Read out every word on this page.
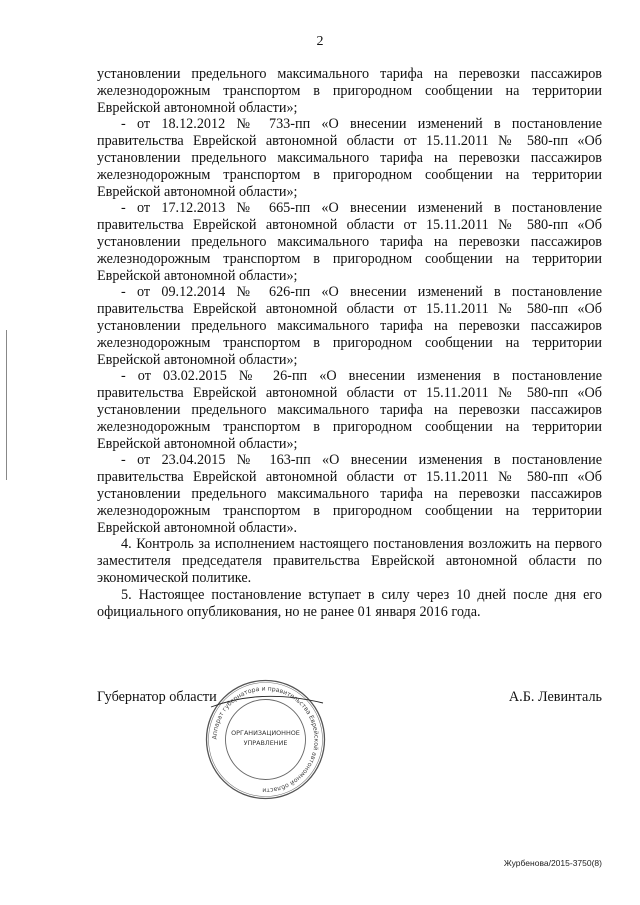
2

установлении предельного максимального тарифа на перевозки пассажиров железнодорожным транспортом в пригородном сообщении на территории Еврейской автономной области»;

- от 18.12.2012 № 733-пп «О внесении изменений в постановление правительства Еврейской автономной области от 15.11.2011 № 580-пп «Об установлении предельного максимального тарифа на перевозки пассажиров железнодорожным транспортом в пригородном сообщении на территории Еврейской автономной области»;

- от 17.12.2013 № 665-пп «О внесении изменений в постановление правительства Еврейской автономной области от 15.11.2011 № 580-пп «Об установлении предельного максимального тарифа на перевозки пассажиров железнодорожным транспортом в пригородном сообщении на территории Еврейской автономной области»;

- от 09.12.2014 № 626-пп «О внесении изменений в постановление правительства Еврейской автономной области от 15.11.2011 № 580-пп «Об установлении предельного максимального тарифа на перевозки пассажиров железнодорожным транспортом в пригородном сообщении на территории Еврейской автономной области»;

- от 03.02.2015 № 26-пп «О внесении изменения в постановление правительства Еврейской автономной области от 15.11.2011 № 580-пп «Об установлении предельного максимального тарифа на перевозки пассажиров железнодорожным транспортом в пригородном сообщении на территории Еврейской автономной области»;

- от 23.04.2015 № 163-пп «О внесении изменения в постановление правительства Еврейской автономной области от 15.11.2011 № 580-пп «Об установлении предельного максимального тарифа на перевозки пассажиров железнодорожным транспортом в пригородном сообщении на территории Еврейской автономной области».

4. Контроль за исполнением настоящего постановления возложить на первого заместителя председателя правительства Еврейской автономной области по экономической политике.

5. Настоящее постановление вступает в силу через 10 дней после дня его официального опубликования, но не ранее 01 января 2016 года.

Губернатор области	А.Б. Левинталь
Аппарат губернатора и правительства Еврейской автономной области
ОРГАНИЗАЦИОННОЕ
УПРАВЛЕНИЕ
Журбенова/2015-3750(8)
